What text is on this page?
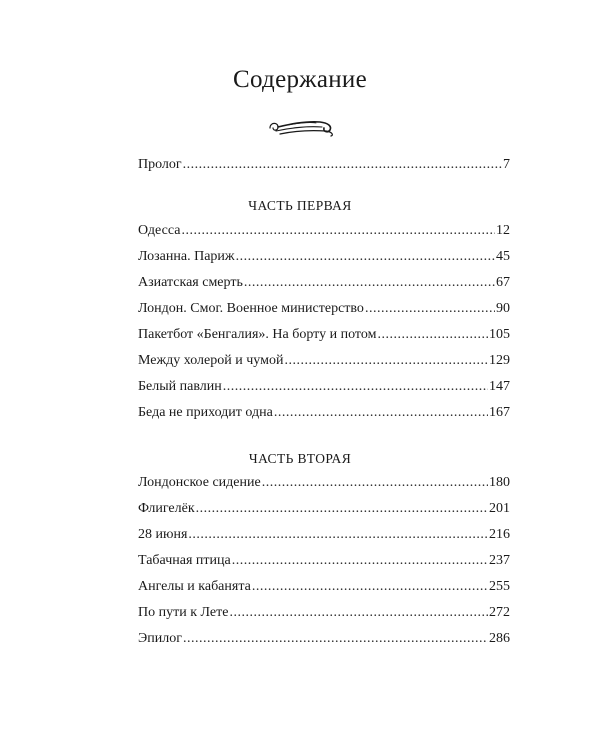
Содержание
Пролог .....	7
Одесса .....	12
Лозанна. Париж .....	45
Азиатская смерть .....	67
Лондон. Смог. Военное министерство .....	90
Пакетбот «Бенгалия». На борту и потом .....	105
Между холерой и чумой .....	129
Белый павлин .....	147
Беда не приходит одна .....	167
Лондонское сидение .....	180
Флигелёк .....	201
28 июня .....	216
Табачная птица .....	237
Ангелы и кабанята .....	255
По пути к Лете .....	272
Эпилог .....	286
ЧАСТЬ ПЕРВАЯ
ЧАСТЬ ВТОРАЯ
